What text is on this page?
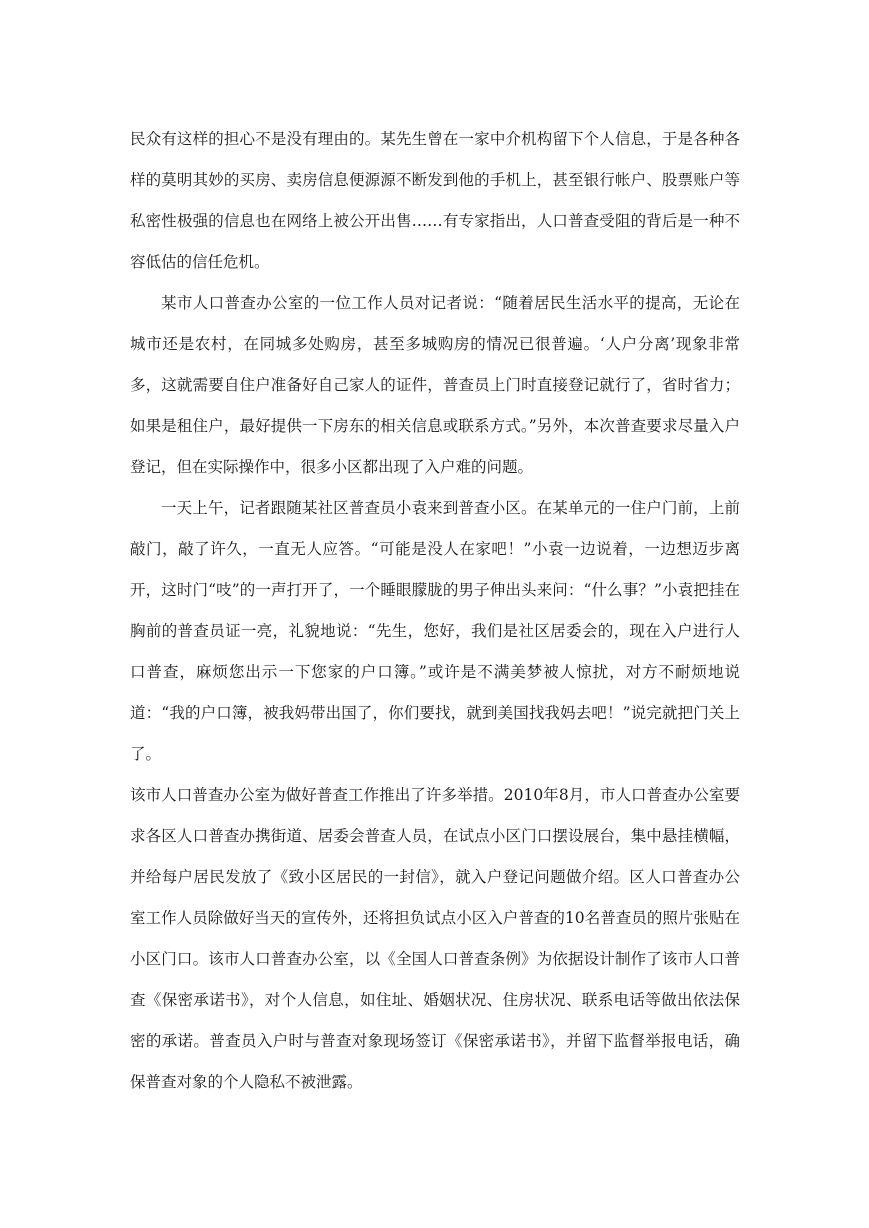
民众有这样的担心不是没有理由的。某先生曾在一家中介机构留下个人信息，于是各种各样的莫明其妙的买房、卖房信息便源源不断发到他的手机上，甚至银行帐户、股票账户等私密性极强的信息也在网络上被公开出售……有专家指出，人口普查受阻的背后是一种不容低估的信任危机。

某市人口普查办公室的一位工作人员对记者说：“随着居民生活水平的提高，无论在城市还是农村，在同城多处购房，甚至多城购房的情况已很普遍。‘人户分离’现象非常多，这就需要自住户准备好自己家人的证件，普查员上门时直接登记就行了，省时省力；如果是租住户，最好提供一下房东的相关信息或联系方式。”另外，本次普查要求尽量入户登记，但在实际操作中，很多小区都出现了入户难的问题。

一天上午，记者跟随某社区普查员小袁来到普查小区。在某单元的一住户门前，上前敲门，敲了许久，一直无人应答。“可能是没人在家吧！”小袁一边说着，一边想迈步离开，这时门“吱”的一声打开了，一个睡眼朦胧的男子伸出头来问：“什么事？”小袁把挂在胸前的普查员证一亮，礼貌地说：“先生，您好，我们是社区居委会的，现在入户进行人口普查，麻烦您出示一下您家的户口簿。”或许是不满美梦被人惊扰，对方不耐烦地说道：“我的户口簿，被我妈带出国了，你们要找，就到美国找我妈去吧！”说完就把门关上了。

该市人口普查办公室为做好普查工作推出了许多举措。2010年8月，市人口普查办公室要求各区人口普查办携街道、居委会普查人员，在试点小区门口摆设展台，集中悬挂横幅，并给每户居民发放了《致小区居民的一封信》，就入户登记问题做介绍。区人口普查办公室工作人员除做好当天的宣传外，还将担负试点小区入户普查的10名普查员的照片张贴在小区门口。该市人口普查办公室，以《全国人口普查条例》为依据设计制作了该市人口普查《保密承诺书》，对个人信息，如住址、婚姻状况、住房状况、联系电话等做出依法保密的承诺。普查员入户时与普查对象现场签订《保密承诺书》，并留下监督举报电话，确保普查对象的个人隐私不被泄露。
